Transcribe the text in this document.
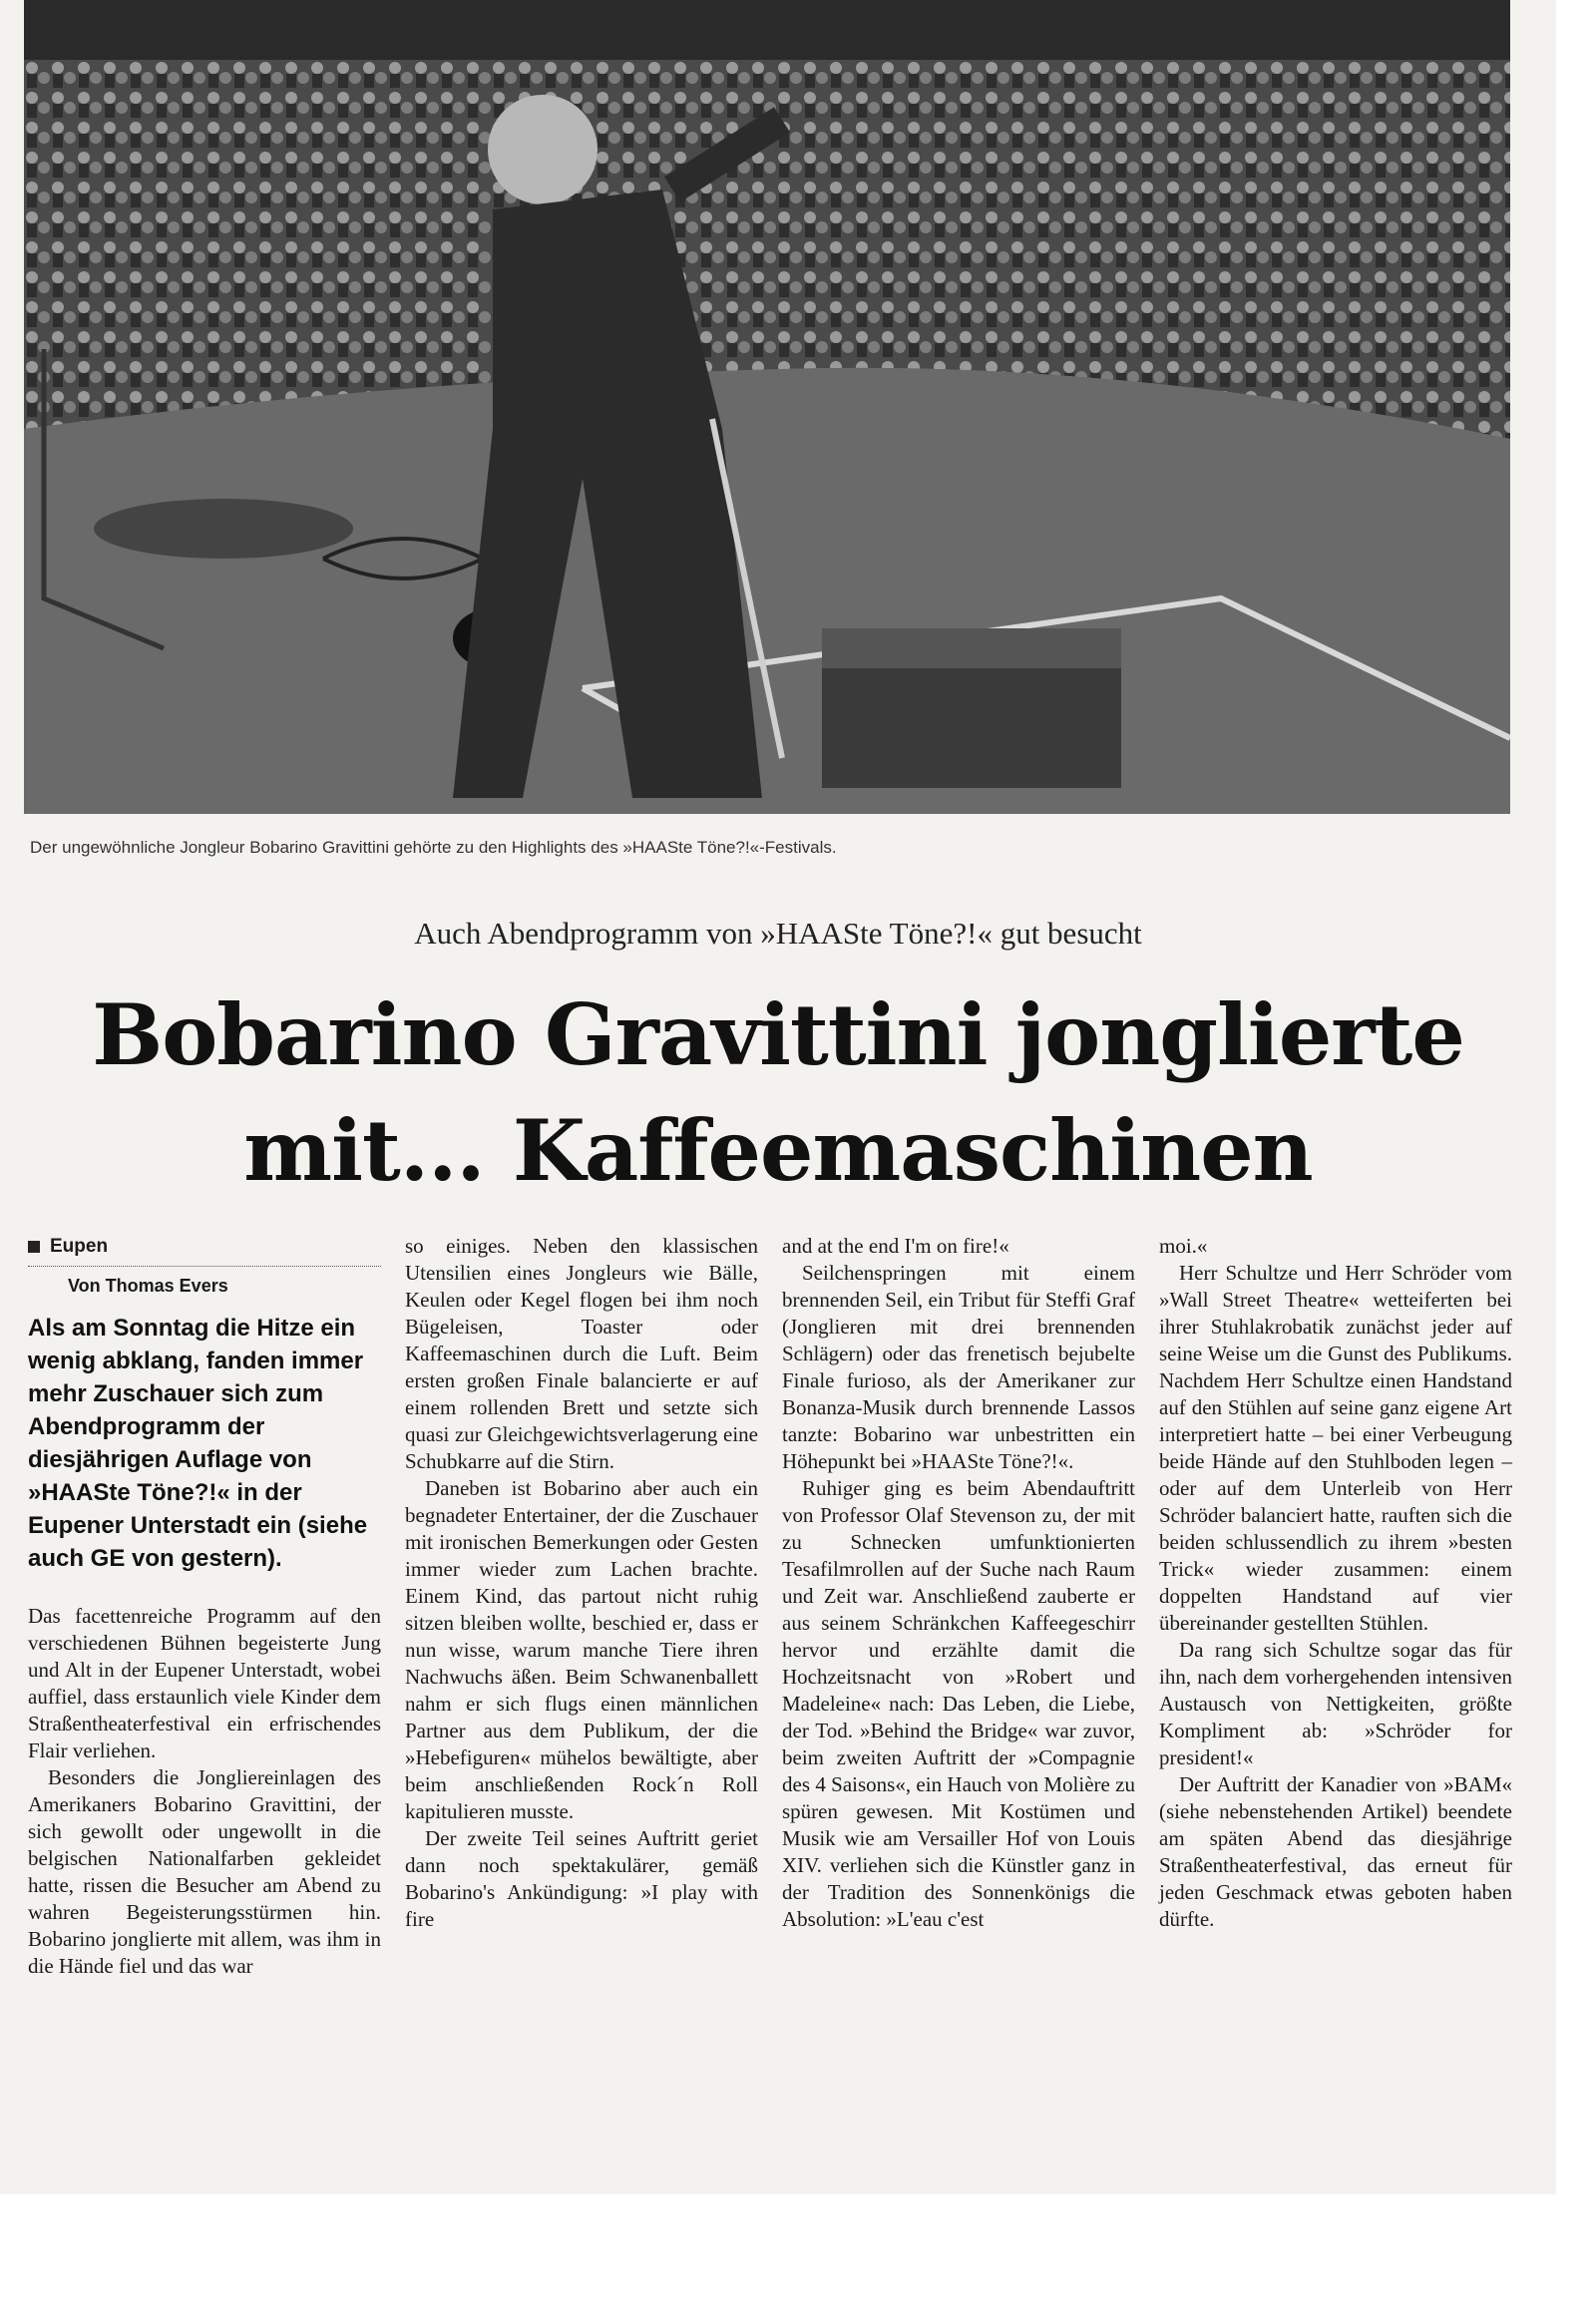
Der ungewöhnliche Jongleur Bobarino Gravittini gehörte zu den Highlights des »HAASte Töne?!«-Festivals.
Auch Abendprogramm von »HAASte Töne?!« gut besucht
Bobarino Gravittini jonglierte
mit... Kaffeemaschinen
Eupen
Von Thomas Evers
Als am Sonntag die Hitze ein wenig abklang, fanden immer mehr Zuschauer sich zum Abendprogramm der diesjährigen Auflage von »HAASte Töne?!« in der Eupener Unterstadt ein (siehe auch GE von gestern).

Das facettenreiche Programm auf den verschiedenen Bühnen begeisterte Jung und Alt in der Eupener Unterstadt, wobei auffiel, dass erstaunlich viele Kinder dem Straßentheaterfestival ein erfrischendes Flair verliehen.

Besonders die Jongliereinlagen des Amerikaners Bobarino Gravittini, der sich gewollt oder ungewollt in die belgischen Nationalfarben gekleidet hatte, rissen die Besucher am Abend zu wahren Begeisterungsstürmen hin. Bobarino jonglierte mit allem, was ihm in die Hände fiel und das war

so einiges. Neben den klassischen Utensilien eines Jongleurs wie Bälle, Keulen oder Kegel flogen bei ihm noch Bügeleisen, Toaster oder Kaffeemaschinen durch die Luft. Beim ersten großen Finale balancierte er auf einem rollenden Brett und setzte sich quasi zur Gleichgewichtsverlagerung eine Schubkarre auf die Stirn.

Daneben ist Bobarino aber auch ein begnadeter Entertainer, der die Zuschauer mit ironischen Bemerkungen oder Gesten immer wieder zum Lachen brachte. Einem Kind, das partout nicht ruhig sitzen bleiben wollte, beschied er, dass er nun wisse, warum manche Tiere ihren Nachwuchs äßen. Beim Schwanenballett nahm er sich flugs einen männlichen Partner aus dem Publikum, der die »Hebefiguren« mühelos bewältigte, aber beim anschließenden Rock´n Roll kapitulieren musste.

Der zweite Teil seines Auftritt geriet dann noch spektakulärer, gemäß Bobarino's Ankündigung: »I play with fire

and at the end I'm on fire!«

Seilchenspringen mit einem brennenden Seil, ein Tribut für Steffi Graf (Jonglieren mit drei brennenden Schlägern) oder das frenetisch bejubelte Finale furioso, als der Amerikaner zur Bonanza-Musik durch brennende Lassos tanzte: Bobarino war unbestritten ein Höhepunkt bei »HAASte Töne?!«.

Ruhiger ging es beim Abendauftritt von Professor Olaf Stevenson zu, der mit zu Schnecken umfunktionierten Tesafilmrollen auf der Suche nach Raum und Zeit war. Anschließend zauberte er aus seinem Schränkchen Kaffeegeschirr hervor und erzählte damit die Hochzeitsnacht von »Robert und Madeleine« nach: Das Leben, die Liebe, der Tod. »Behind the Bridge« war zuvor, beim zweiten Auftritt der »Compagnie des 4 Saisons«, ein Hauch von Molière zu spüren gewesen. Mit Kostümen und Musik wie am Versailler Hof von Louis XIV. verliehen sich die Künstler ganz in der Tradition des Sonnenkönigs die Absolution: »L'eau c'est

moi.«

Herr Schultze und Herr Schröder vom »Wall Street Theatre« wetteiferten bei ihrer Stuhlakrobatik zunächst jeder auf seine Weise um die Gunst des Publikums. Nachdem Herr Schultze einen Handstand auf den Stühlen auf seine ganz eigene Art interpretiert hatte – bei einer Verbeugung beide Hände auf den Stuhlboden legen – oder auf dem Unterleib von Herr Schröder balanciert hatte, rauften sich die beiden schlussendlich zu ihrem »besten Trick« wieder zusammen: einem doppelten Handstand auf vier übereinander gestellten Stühlen.

Da rang sich Schultze sogar das für ihn, nach dem vorhergehenden intensiven Austausch von Nettigkeiten, größte Kompliment ab: »Schröder for president!«

Der Auftritt der Kanadier von »BAM« (siehe nebenstehenden Artikel) beendete am späten Abend das diesjährige Straßentheaterfestival, das erneut für jeden Geschmack etwas geboten haben dürfte.
